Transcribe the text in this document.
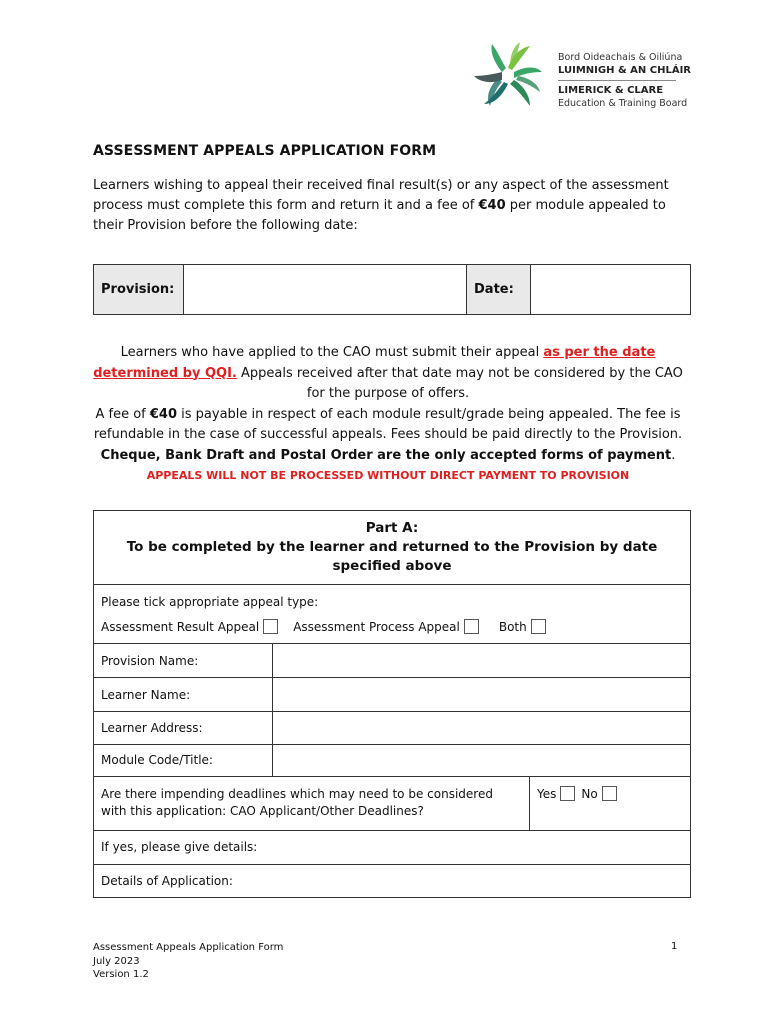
Bord Oideachais & Oiliúna
LUIMNIGH & AN CHLÁIR
LIMERICK & CLARE
Education & Training Board
ASSESSMENT APPEALS APPLICATION FORM
Learners wishing to appeal their received final result(s) or any aspect of the assessment process must complete this form and return it and a fee of €40 per module appealed to their Provision before the following date:
Provision:	Date:
Learners who have applied to the CAO must submit their appeal as per the date determined by QQI. Appeals received after that date may not be considered by the CAO for the purpose of offers.
A fee of €40 is payable in respect of each module result/grade being appealed. The fee is refundable in the case of successful appeals. Fees should be paid directly to the Provision.
Cheque, Bank Draft and Postal Order are the only accepted forms of payment.
APPEALS WILL NOT BE PROCESSED WITHOUT DIRECT PAYMENT TO PROVISION
Part A:
To be completed by the learner and returned to the Provision by date specified above
Please tick appropriate appeal type:
Assessment Result Appeal	Assessment Process Appeal	Both
Provision Name:
Learner Name:
Learner Address:
Module Code/Title:
Are there impending deadlines which may need to be considered with this application: CAO Applicant/Other Deadlines?
Yes No
If yes, please give details:
Details of Application:
Assessment Appeals Application Form
July 2023
Version 1.2
1
